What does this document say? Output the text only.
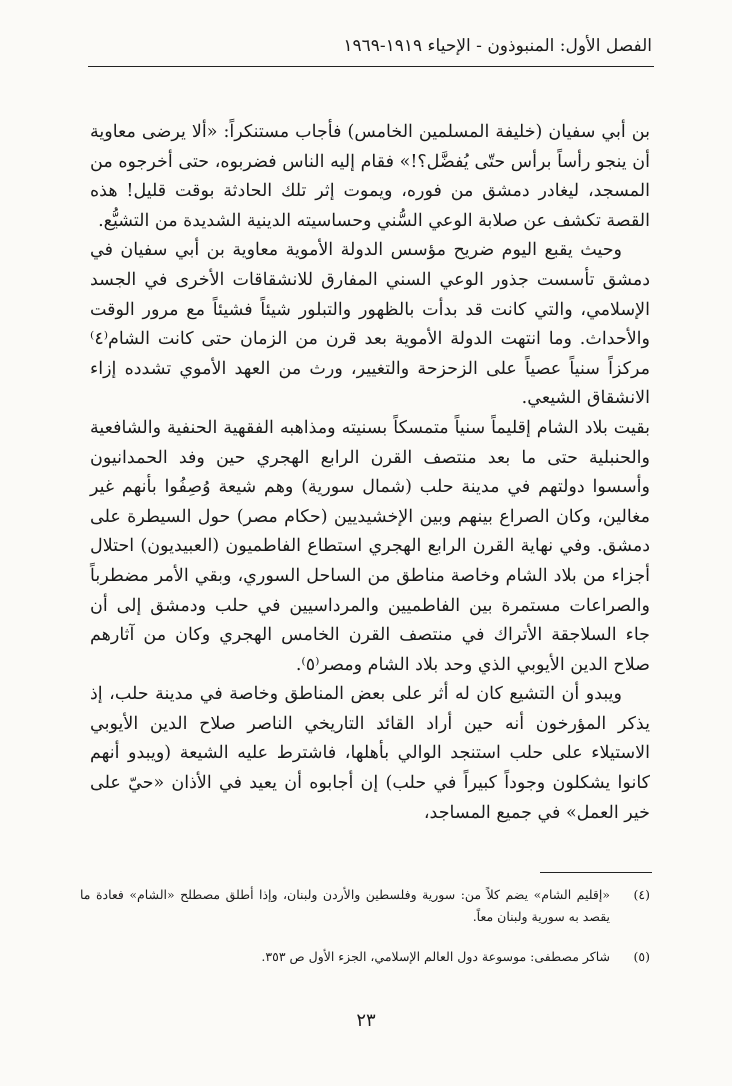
الفصل الأول: المنبوذون - الإحياء ١٩١٩-١٩٦٩

بن أبي سفيان (خليفة المسلمين الخامس) فأجاب مستنكراً: «ألا يرضى معاوية أن ينجو رأساً برأس حتّى يُفضَّل؟!» فقام إليه الناس فضربوه، حتى أخرجوه من المسجد، ليغادر دمشق من فوره، ويموت إثر تلك الحادثة بوقت قليل! هذه القصة تكشف عن صلابة الوعي السُّني وحساسيته الدينية الشديدة من التشيُّع.

وحيث يقبع اليوم ضريح مؤسس الدولة الأموية معاوية بن أبي سفيان في دمشق تأسست جذور الوعي السني المفارق للانشقاقات الأخرى في الجسد الإسلامي، والتي كانت قد بدأت بالظهور والتبلور شيئاً فشيئاً مع مرور الوقت والأحداث. وما انتهت الدولة الأموية بعد قرن من الزمان حتى كانت الشام⁽٤⁾ مركزاً سنياً عصياً على الزحزحة والتغيير، ورث من العهد الأموي تشدده إزاء الانشقاق الشيعي.

بقيت بلاد الشام إقليماً سنياً متمسكاً بسنيته ومذاهبه الفقهية الحنفية والشافعية والحنبلية حتى ما بعد منتصف القرن الرابع الهجري حين وفد الحمدانيون وأسسوا دولتهم في مدينة حلب (شمال سورية) وهم شيعة وُصِفُوا بأنهم غير مغالين، وكان الصراع بينهم وبين الإخشيديين (حكام مصر) حول السيطرة على دمشق. وفي نهاية القرن الرابع الهجري استطاع الفاطميون (العبيديون) احتلال أجزاء من بلاد الشام وخاصة مناطق من الساحل السوري، وبقي الأمر مضطرباً والصراعات مستمرة بين الفاطميين والمرداسيين في حلب ودمشق إلى أن جاء السلاجقة الأتراك في منتصف القرن الخامس الهجري وكان من آثارهم صلاح الدين الأيوبي الذي وحد بلاد الشام ومصر⁽٥⁾.

ويبدو أن التشيع كان له أثر على بعض المناطق وخاصة في مدينة حلب، إذ يذكر المؤرخون أنه حين أراد القائد التاريخي الناصر صلاح الدين الأيوبي الاستيلاء على حلب استنجد الوالي بأهلها، فاشترط عليه الشيعة (ويبدو أنهم كانوا يشكلون وجوداً كبيراً في حلب) إن أجابوه أن يعيد في الأذان «حيّ على خير العمل» في جميع المساجد،

(٤)
«إقليم الشام» يضم كلاً من: سورية وفلسطين والأردن ولبنان، وإذا أطلق مصطلح «الشام» فعادة ما يقصد به سورية ولبنان معاً.
(٥)
شاكر مصطفى: موسوعة دول العالم الإسلامي، الجزء الأول ص ٣٥٣.
٢٣
